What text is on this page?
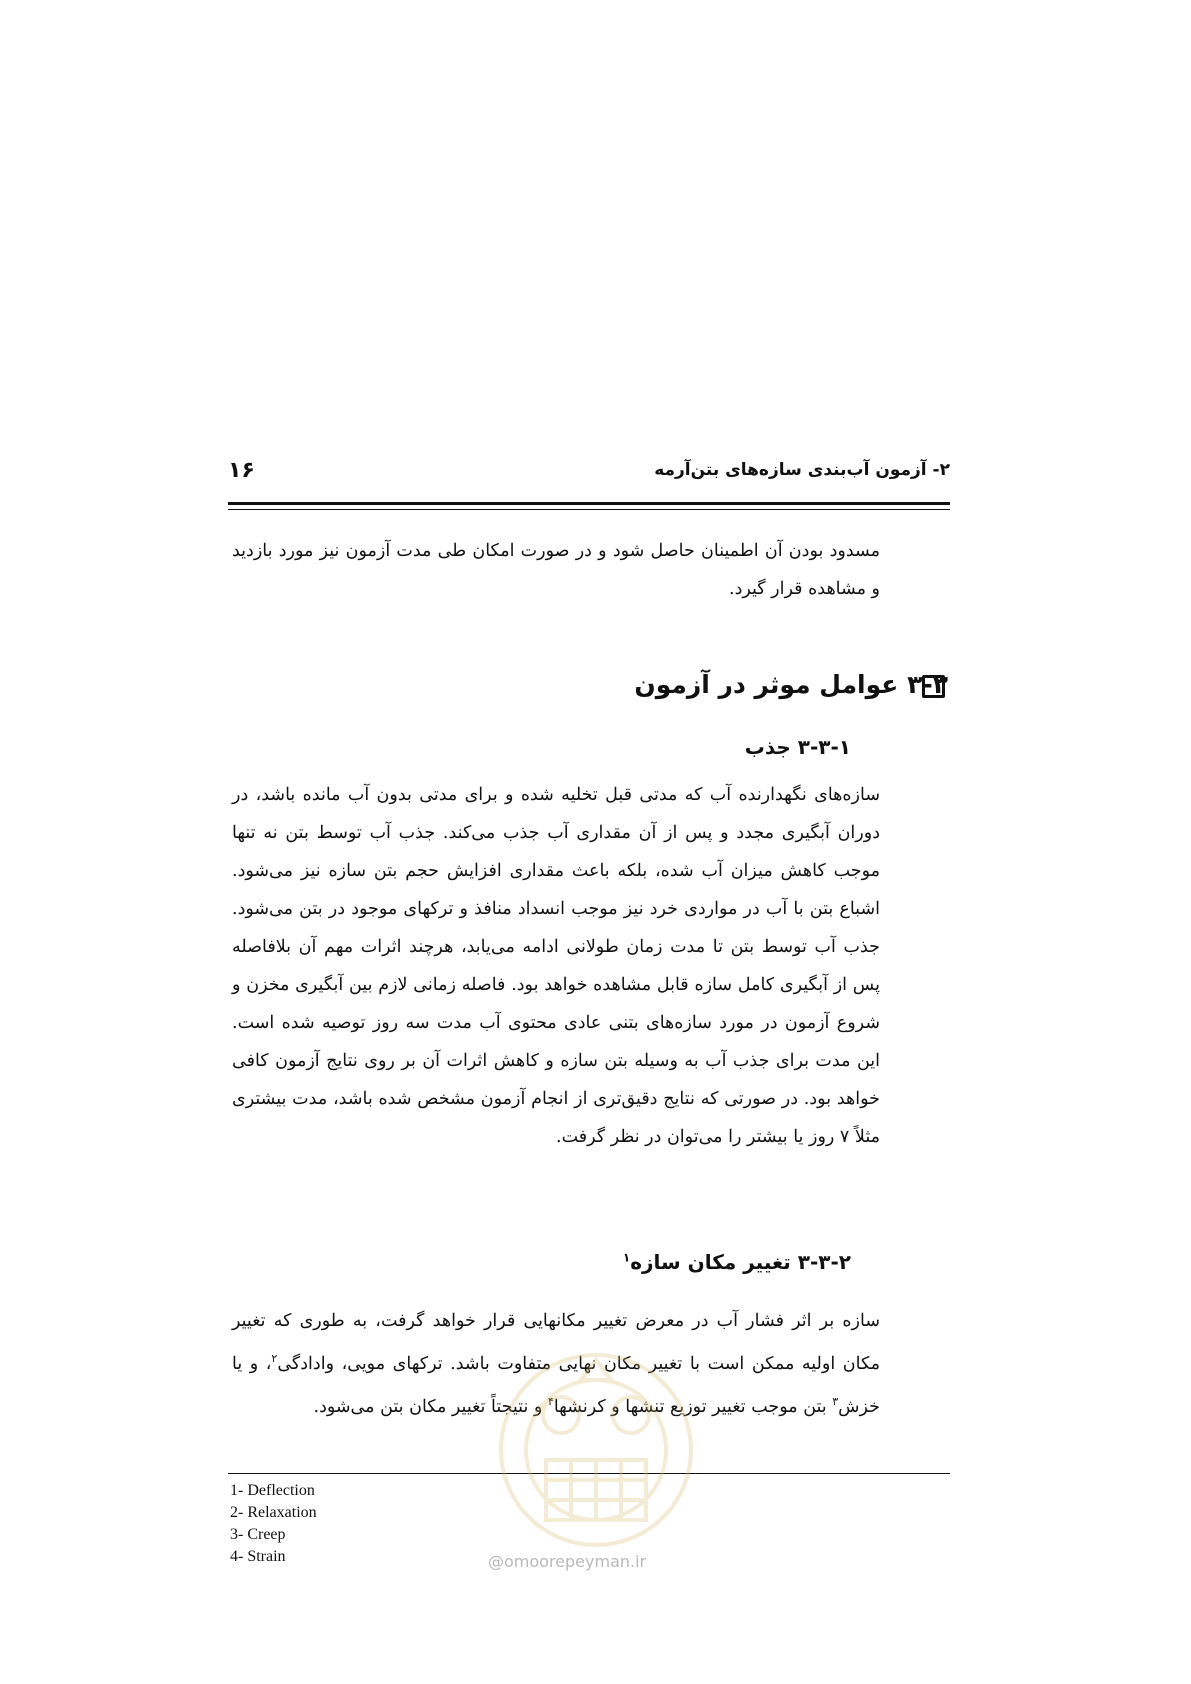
۱۶	۲- آزمون آب‌بندی سازه‌های بتن‌آرمه

مسدود بودن آن اطمینان حاصل شود و در صورت امکان طی مدت آزمون نیز مورد بازدید و مشاهده قرار گیرد.

۳-۳ عوامل موثر در آزمون
۳-۳-۱ جذب

سازه‌های نگهدارنده آب که مدتی قبل تخلیه شده و برای مدتی بدون آب مانده باشد، در دوران آبگیری مجدد و پس از آن مقداری آب جذب می‌کند. جذب آب توسط بتن نه تنها موجب کاهش میزان آب شده، بلکه باعث مقداری افزایش حجم بتن سازه نیز می‌شود. اشباع بتن با آب در مواردی خرد نیز موجب انسداد منافذ و ترکهای موجود در بتن می‌شود. جذب آب توسط بتن تا مدت زمان طولانی ادامه می‌یابد، هرچند اثرات مهم آن بلافاصله پس از آبگیری کامل سازه قابل مشاهده خواهد بود. فاصله زمانی لازم بین آبگیری مخزن و شروع آزمون در مورد سازه‌های بتنی عادی محتوی آب مدت سه روز توصیه شده است. این مدت برای جذب آب به وسیله بتن سازه و کاهش اثرات آن بر روی نتایج آزمون کافی خواهد بود. در صورتی که نتایج دقیق‌تری از انجام آزمون مشخص شده باشد، مدت بیشتری مثلاً ۷ روز یا بیشتر را می‌توان در نظر گرفت.

۳-۳-۲ تغییر مکان سازه$^۱$

سازه بر اثر فشار آب در معرض تغییر مکانهایی قرار خواهد گرفت، به طوری که تغییر مکان اولیه ممکن است با تغییر مکان نهایی متفاوت باشد. ترکهای مویی، وادادگی$^۲$، و یا خزش$^۳$ بتن موجب تغییر توزیع تنشها و کرنشها$^۴$ و نتیجتاً تغییر مکان بتن می‌شود.

1- Deflection
2- Relaxation
3- Creep
4- Strain	@omoorepeyman.ir
